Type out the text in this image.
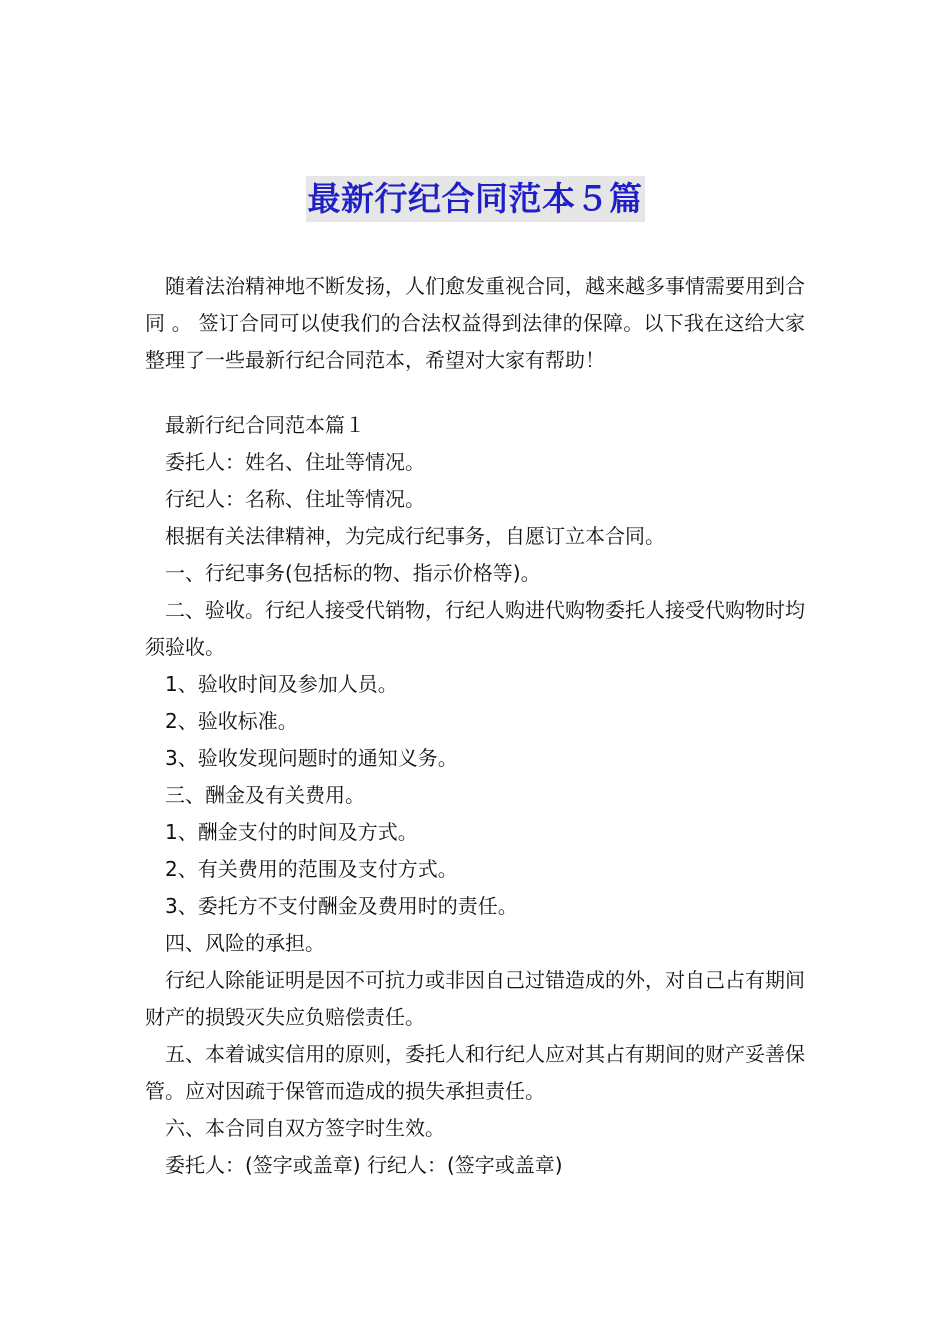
最新行纪合同范本５篇

随着法治精神地不断发扬，人们愈发重视合同，越来越多事情需要用到合同 。 签订合同可以使我们的合法权益得到法律的保障。以下我在这给大家整理了一些最新行纪合同范本，希望对大家有帮助！

最新行纪合同范本篇１

委托人：姓名、住址等情况。

行纪人：名称、住址等情况。

根据有关法律精神，为完成行纪事务，自愿订立本合同。

一、行纪事务(包括标的物、指示价格等)。

二、验收。行纪人接受代销物，行纪人购进代购物委托人接受代购物时均须验收。

1、验收时间及参加人员。

2、验收标准。

3、验收发现问题时的通知义务。

三、酬金及有关费用。

1、酬金支付的时间及方式。

2、有关费用的范围及支付方式。

3、委托方不支付酬金及费用时的责任。

四、风险的承担。

行纪人除能证明是因不可抗力或非因自己过错造成的外，对自己占有期间财产的损毁灭失应负赔偿责任。

五、本着诚实信用的原则，委托人和行纪人应对其占有期间的财产妥善保管。应对因疏于保管而造成的损失承担责任。

六、本合同自双方签字时生效。

委托人：(签字或盖章) 行纪人：(签字或盖章)
